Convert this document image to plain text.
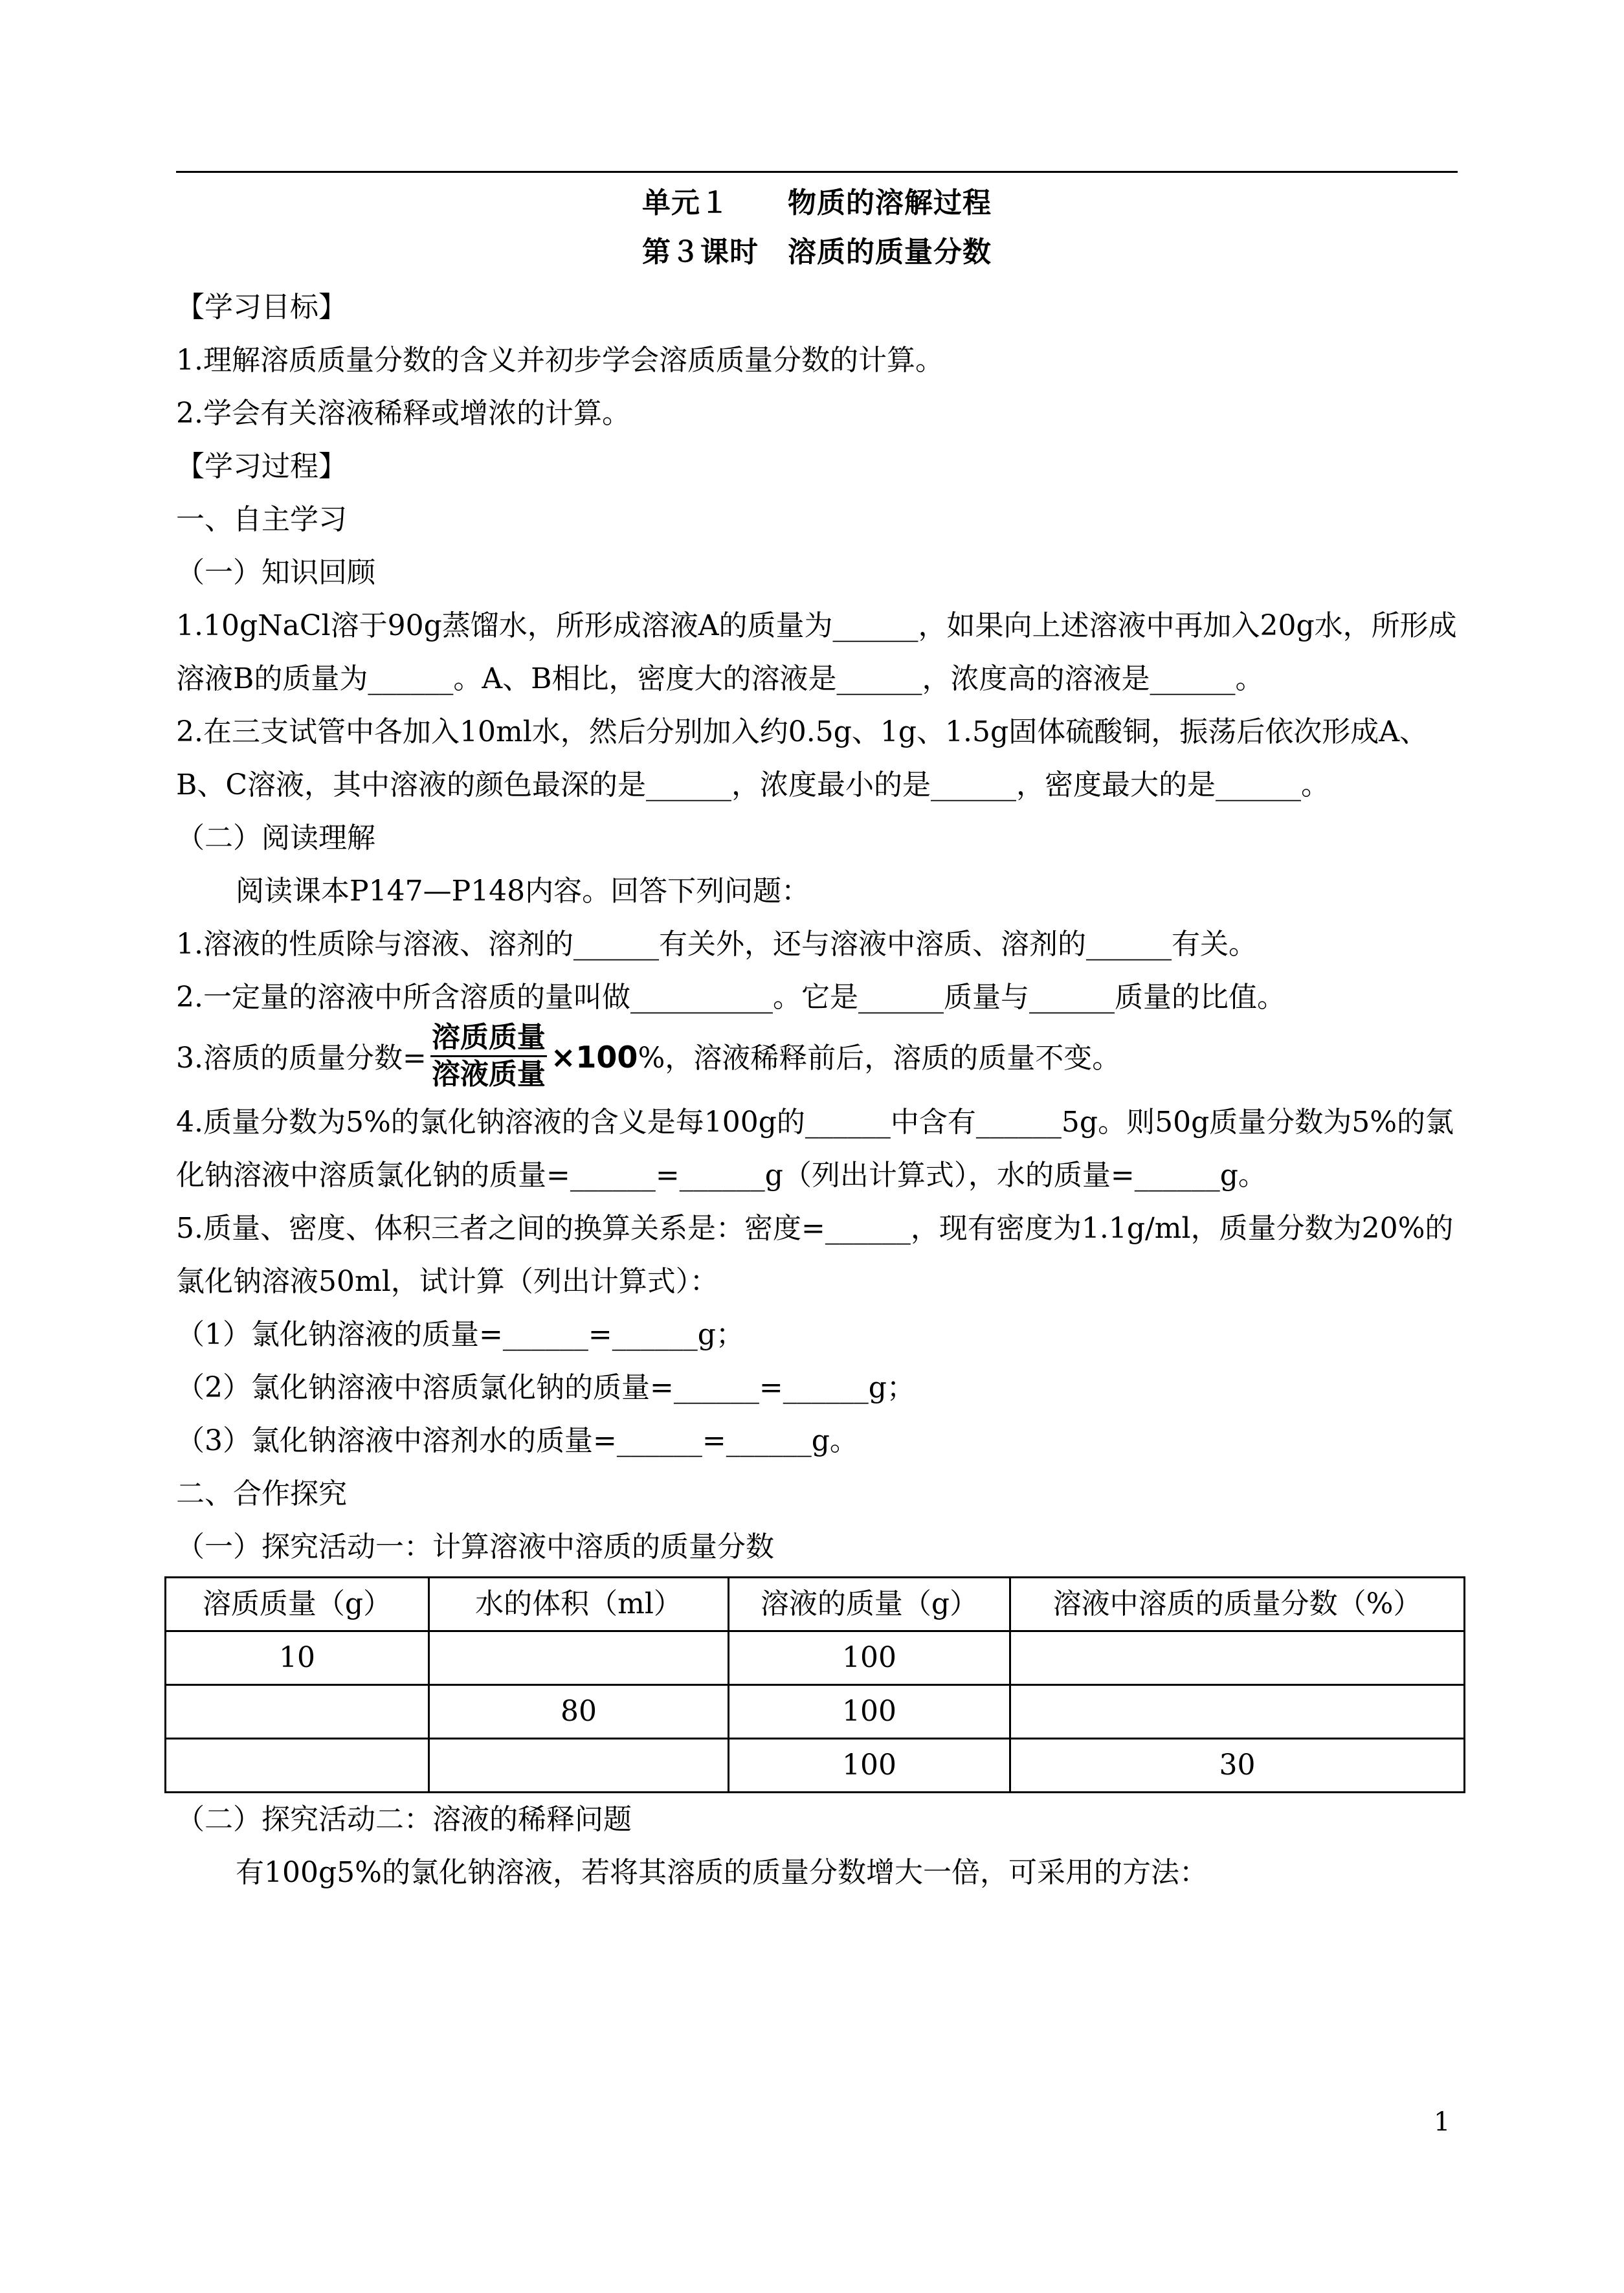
单元１　　物质的溶解过程
第３课时　溶质的质量分数

【学习目标】

1.理解溶质质量分数的含义并初步学会溶质质量分数的计算。

2.学会有关溶液稀释或增浓的计算。

【学习过程】

一、自主学习

（一）知识回顾

1.10gNaCl溶于90g蒸馏水，所形成溶液A的质量为______，如果向上述溶液中再加入20g水，所形成溶液B的质量为______。A、B相比，密度大的溶液是______，浓度高的溶液是______。

2.在三支试管中各加入10ml水，然后分别加入约0.5g、1g、1.5g固体硫酸铜，振荡后依次形成A、B、C溶液，其中溶液的颜色最深的是______，浓度最小的是______，密度最大的是______。

（二）阅读理解

阅读课本P147—P148内容。回答下列问题：

1.溶液的性质除与溶液、溶剂的______有关外，还与溶液中溶质、溶剂的______有关。

2.一定量的溶液中所含溶质的量叫做__________。它是______质量与______质量的比值。

3.溶质的质量分数= $\frac{\text{溶质质量}}{\text{溶液质量}} \times 100\%$，溶液稀释前后，溶质的质量不变。

4.质量分数为5%的氯化钠溶液的含义是每100g的______中含有______5g。则50g质量分数为5%的氯化钠溶液中溶质氯化钠的质量=______=______g（列出计算式），水的质量=______g。

5.质量、密度、体积三者之间的换算关系是：密度=______，现有密度为1.1g/ml，质量分数为20%的氯化钠溶液50ml，试计算（列出计算式）：

（1）氯化钠溶液的质量=______=______g；

（2）氯化钠溶液中溶质氯化钠的质量=______=______g；

（3）氯化钠溶液中溶剂水的质量=______=______g。

二、合作探究

（一）探究活动一：计算溶液中溶质的质量分数

溶质质量（g）	水的体积（ml）	溶液的质量（g）	溶液中溶质的质量分数（%）
10		100	
	80	100	
		100	30

（二）探究活动二：溶液的稀释问题

有100g5%的氯化钠溶液，若将其溶质的质量分数增大一倍，可采用的方法：

1
